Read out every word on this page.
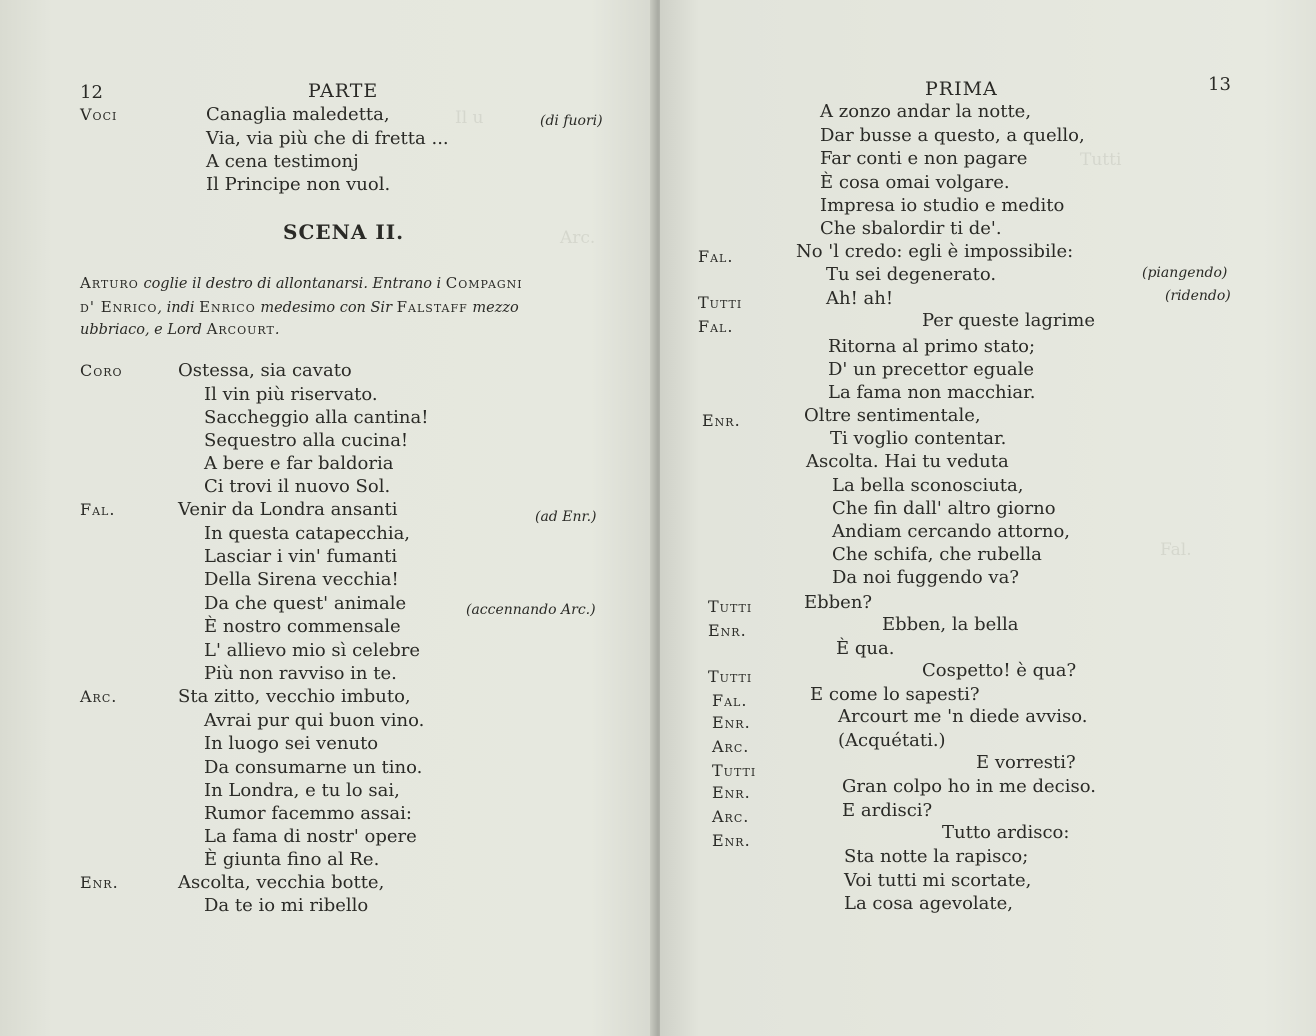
Il u
Arc.
12	PARTE
Voci	Canaglia maledetta,	(di fuori)
Via, via più che di fretta ...
A cena testimonj
Il Principe non vuol.
SCENA II.
Arturo coglie il destro di allontanarsi. Entrano i Compagni
d' Enrico, indi Enrico medesimo con Sir Falstaff mezzo
ubbriaco, e Lord Arcourt.
Coro	Ostessa, sia cavato
Il vin più riservato.
Saccheggio alla cantina!
Sequestro alla cucina!
A bere e far baldoria
Ci trovi il nuovo Sol.
Fal.	Venir da Londra ansanti	(ad Enr.)
In questa catapecchia,
Lasciar i vin' fumanti
Della Sirena vecchia!
Da che quest' animale	(accennando Arc.)
È nostro commensale
L' allievo mio sì celebre
Più non ravviso in te.
Arc.	Sta zitto, vecchio imbuto,
Avrai pur qui buon vino.
In luogo sei venuto
Da consumarne un tino.
In Londra, e tu lo sai,
Rumor facemmo assai:
La fama di nostr' opere
È giunta fino al Re.
Enr.	Ascolta, vecchia botte,
Da te io mi ribello
Tutti
Fal.
PRIMA	13
A zonzo andar la notte,
Dar busse a questo, a quello,
Far conti e non pagare
È cosa omai volgare.
Impresa io studio e medito
Che sbalordir ti de'.
Fal.	No 'l credo: egli è impossibile:
Tu sei degenerato.	(piangendo)
Tutti	Ah! ah!	(ridendo)
Fal.	Per queste lagrime
Ritorna al primo stato;
D' un precettor eguale
La fama non macchiar.
Enr.	Oltre sentimentale,
Ti voglio contentar.
Ascolta. Hai tu veduta
La bella sconosciuta,
Che fin dall' altro giorno
Andiam cercando attorno,
Che schifa, che rubella
Da noi fuggendo va?
Tutti	Ebben?
Enr.	Ebben, la bella
È qua.
Tutti	Cospetto! è qua?
Fal.	E come lo sapesti?
Enr.	Arcourt me 'n diede avviso.
Arc.	(Acquétati.)
Tutti	E vorresti?
Enr.	Gran colpo ho in me deciso.
Arc.	E ardisci?
Enr.	Tutto ardisco:
Sta notte la rapisco;
Voi tutti mi scortate,
La cosa agevolate,
